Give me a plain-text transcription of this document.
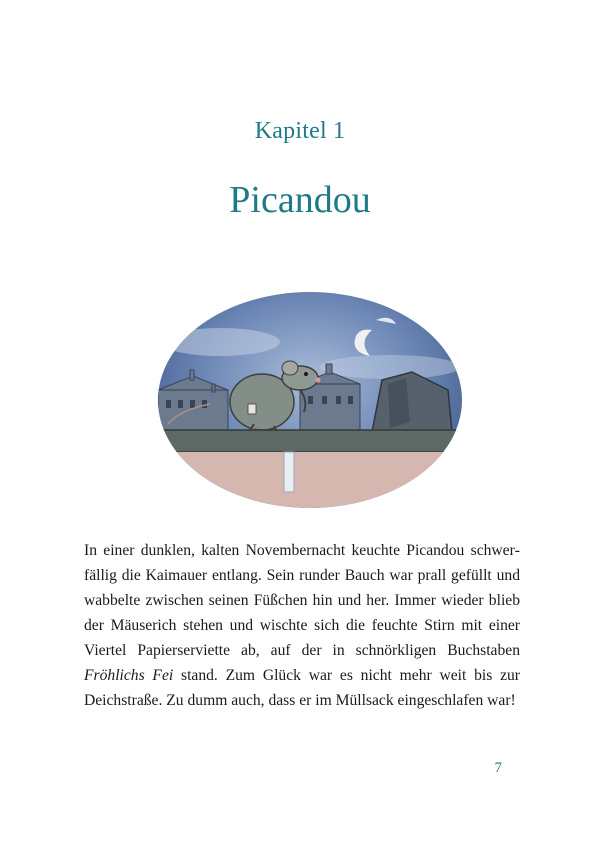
Kapitel 1
Picandou

In einer dunklen, kalten Novembernacht keuchte Picandou schwerfällig die Kaimauer entlang. Sein runder Bauch war prall gefüllt und wabbelte zwischen seinen Füßchen hin und her. Immer wieder blieb der Mäuserich stehen und wischte sich die feuchte Stirn mit einer Viertel Papierserviette ab, auf der in schnörkligen Buchstaben Fröhlichs Fei stand. Zum Glück war es nicht mehr weit bis zur Deichstraße. Zu dumm auch, dass er im Müllsack eingeschlafen war!

7
